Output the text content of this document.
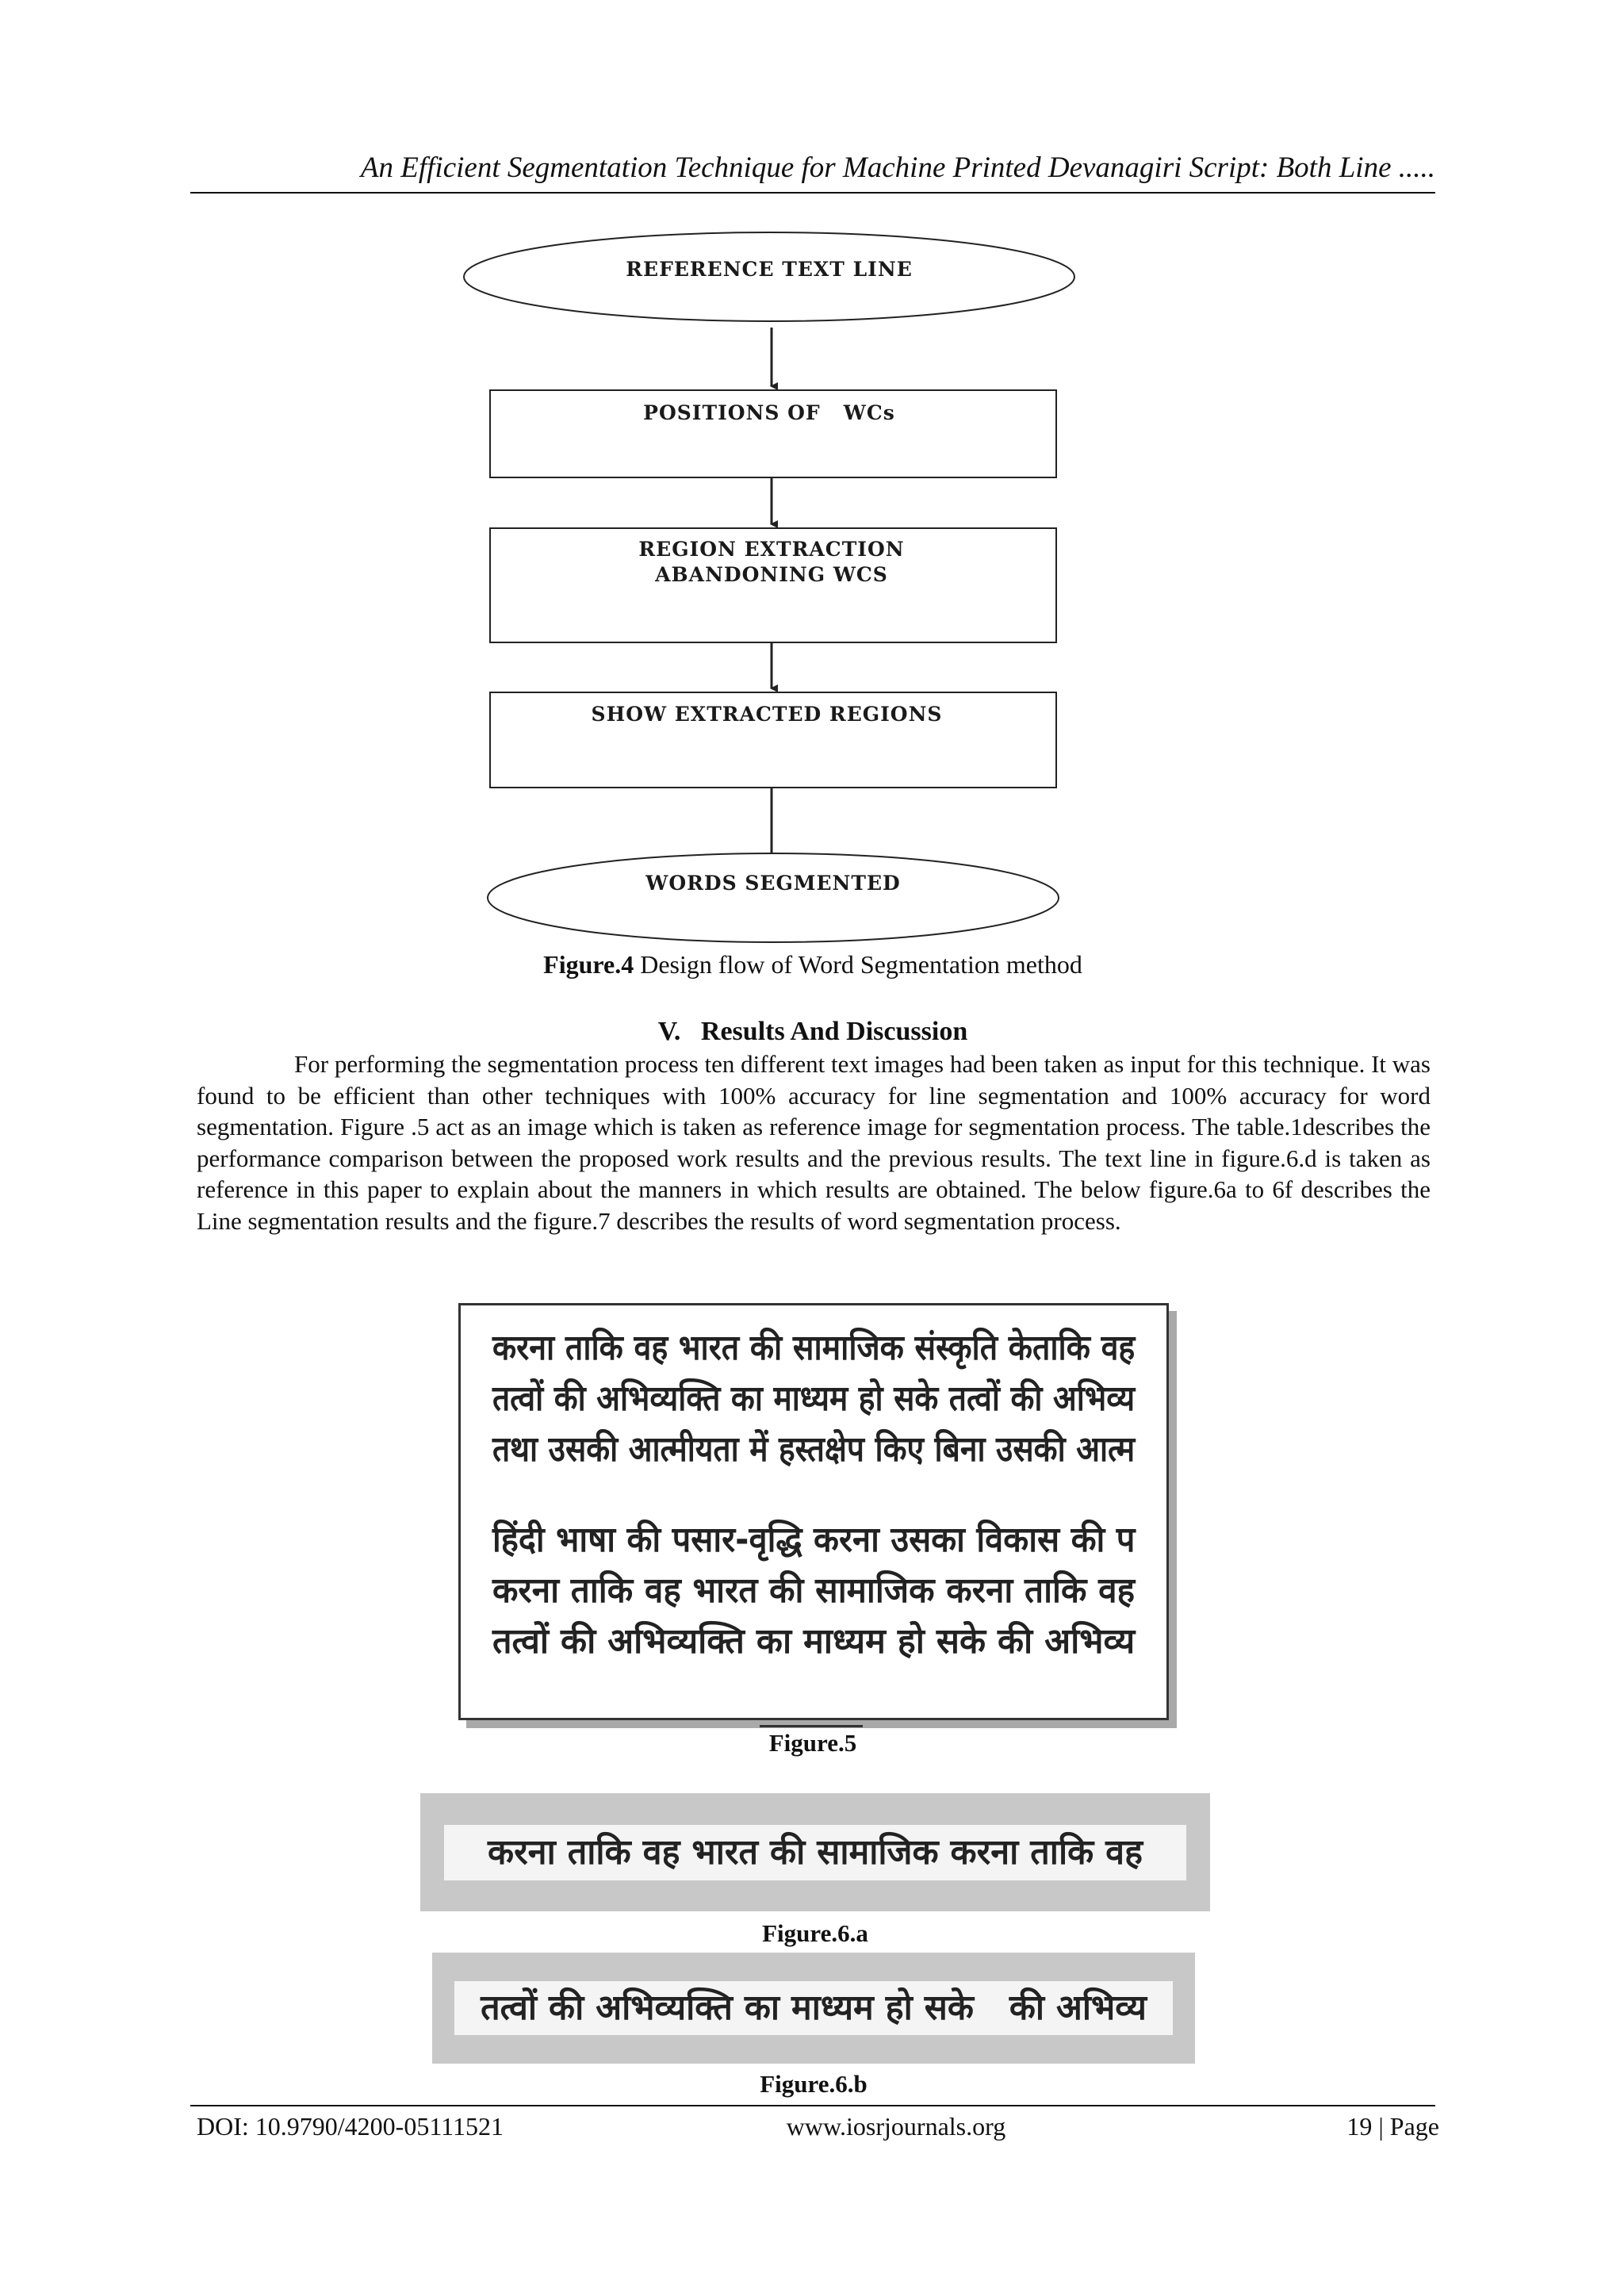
An Efficient Segmentation Technique for Machine Printed Devanagiri Script: Both Line .....
REFERENCE TEXT LINE
POSITIONS OF   WCs
REGION EXTRACTION
ABANDONING WCS
SHOW EXTRACTED REGIONS
WORDS SEGMENTED
Figure.4 Design flow of Word Segmentation method
V.   Results And Discussion
For performing the segmentation process ten different text images had been taken as input for this technique. It was found to be efficient than other techniques with 100% accuracy for line segmentation and 100% accuracy for word segmentation. Figure .5 act as an image which is taken as reference image for segmentation process. The table.1describes the performance comparison between the proposed work results and the previous results. The text line in figure.6.d is taken as reference in this paper to explain about the manners in which results are obtained. The below figure.6a to 6f describes the Line segmentation results and the figure.7 describes the results of word segmentation process.
करना ताकि वह भारत की सामाजिक संस्कृति केताकि वह
तत्वों की अभिव्यक्ति का माध्यम हो सके तत्वों की अभिव्य
तथा उसकी आत्मीयता में हस्तक्षेप किए बिना उसकी आत्म
हिंदी भाषा की पसार-वृद्धि करना उसका विकास की प
करना ताकि वह भारत की सामाजिक करना ताकि वह
तत्वों की अभिव्यक्ति का माध्यम हो सके की अभिव्य
Figure.5
करना ताकि वह भारत की सामाजिक करना ताकि वह
Figure.6.a
तत्वों की अभिव्यक्ति का माध्यम हो सके   की अभिव्य
Figure.6.b
DOI: 10.9790/4200-05111521	www.iosrjournals.org	19 | Page
